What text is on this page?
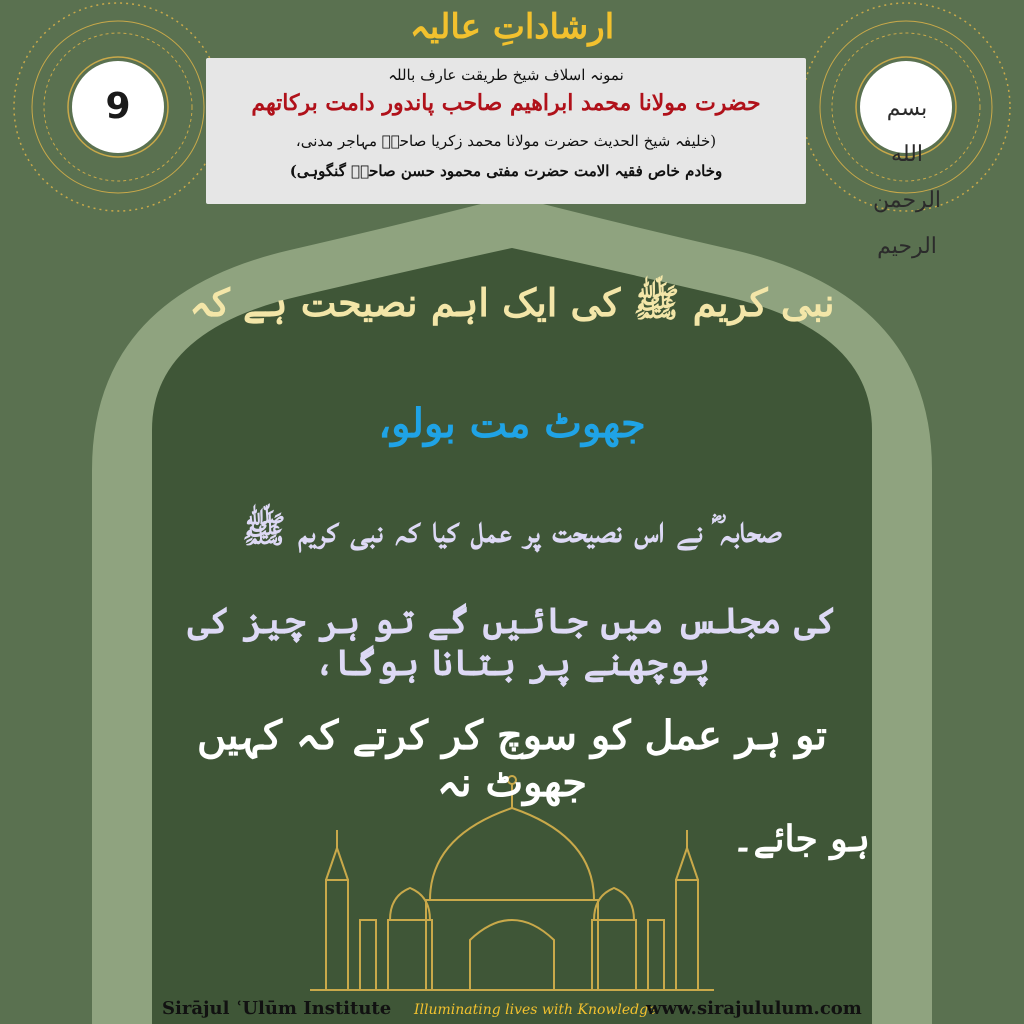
ارشاداتِ عالیہ
9	بسم الله الرحمن الرحيم
نمونہ اسلاف شیخ طریقت عارف باللہ
حضرت مولانا محمد ابراھیم صاحب پاندور دامت برکاتھم
(خلیفہ شیخ الحدیث حضرت مولانا محمد زکریا صاحبؒ مہاجر مدنی،
وخادم خاص فقیہ الامت حضرت مفتی محمود حسن صاحبؒ گنگوہی)
نبی کریم ﷺ کی ایک اہم نصیحت ہے کہ
جھوٹ مت بولو،
صحابہ ؓ نے اس نصیحت پر عمل کیا کہ نبی کریم ﷺ
کی مجلس میں جائیں گے تو ہر چیز کی پوچھنے پر بتانا ہوگا،
تو ہر عمل کو سوچ کر کرتے کہ کہیں جھوٹ نہ
ہو جائے۔
Sirājul ʿUlūm Institute Illuminating lives with Knowledge
www.sirajululum.com
